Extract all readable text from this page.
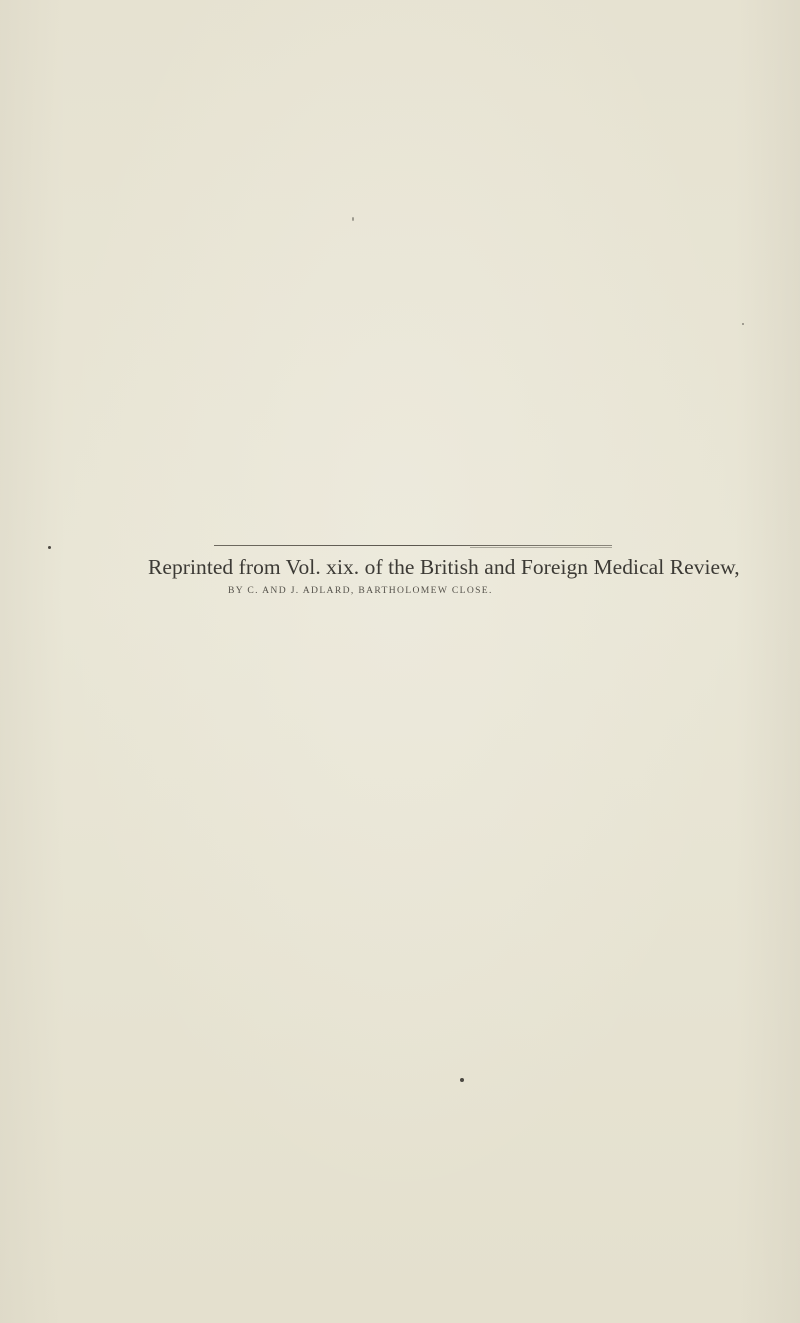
Reprinted from Vol. xix. of the British and Foreign Medical Review,
BY C. AND J. ADLARD, BARTHOLOMEW CLOSE.
